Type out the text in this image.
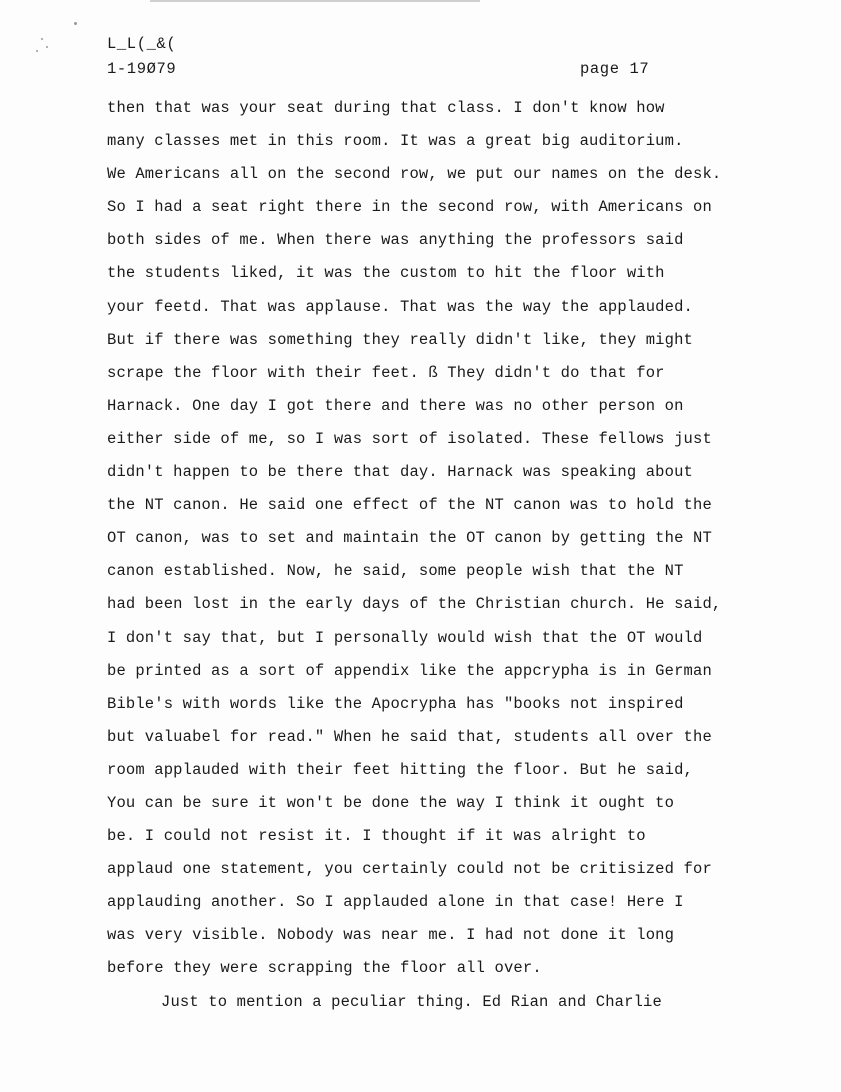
L_L(_&(
1-19Ø79	page 17
then that was your seat during that class. I don't know how
many classes met in this room. It was a great big auditorium.
We Americans all on the second row, we put our names on the desk.
So I had a seat right there in the second row, with Americans on
both sides of me. When there was anything the professors said
the students liked, it was the custom to hit the floor with
your feetd. That was applause. That was the way the applauded.
But if there was something they really didn't like, they might
scrape the floor with their feet. ß They didn't do that for
Harnack. One day I got there and there was no other person on
either side of me, so I was sort of isolated. These fellows just
didn't happen to be there that day. Harnack was speaking about
the NT canon. He said one effect of the NT canon was to hold the
OT canon, was to set and maintain the OT canon by getting the NT
canon established. Now, he said, some people wish that the NT
had been lost in the early days of the Christian church. He said,
I don't say that, but I personally would wish that the OT would
be printed as a sort of appendix like the appcrypha is in German
Bible's with words like the Apocrypha has "books not inspired
but valuabel for read." When he said that, students all over the
room applauded with their feet hitting the floor. But he said,
You can be sure it won't be done the way I think it ought to
be. I could not resist it. I thought if it was alright to
applaud one statement, you certainly could not be critisized for
applauding another. So I applauded alone in that case! Here I
was very visible. Nobody was near me. I had not done it long
before they were scrapping the floor all over.
Just to mention a peculiar thing. Ed Rian and Charlie
